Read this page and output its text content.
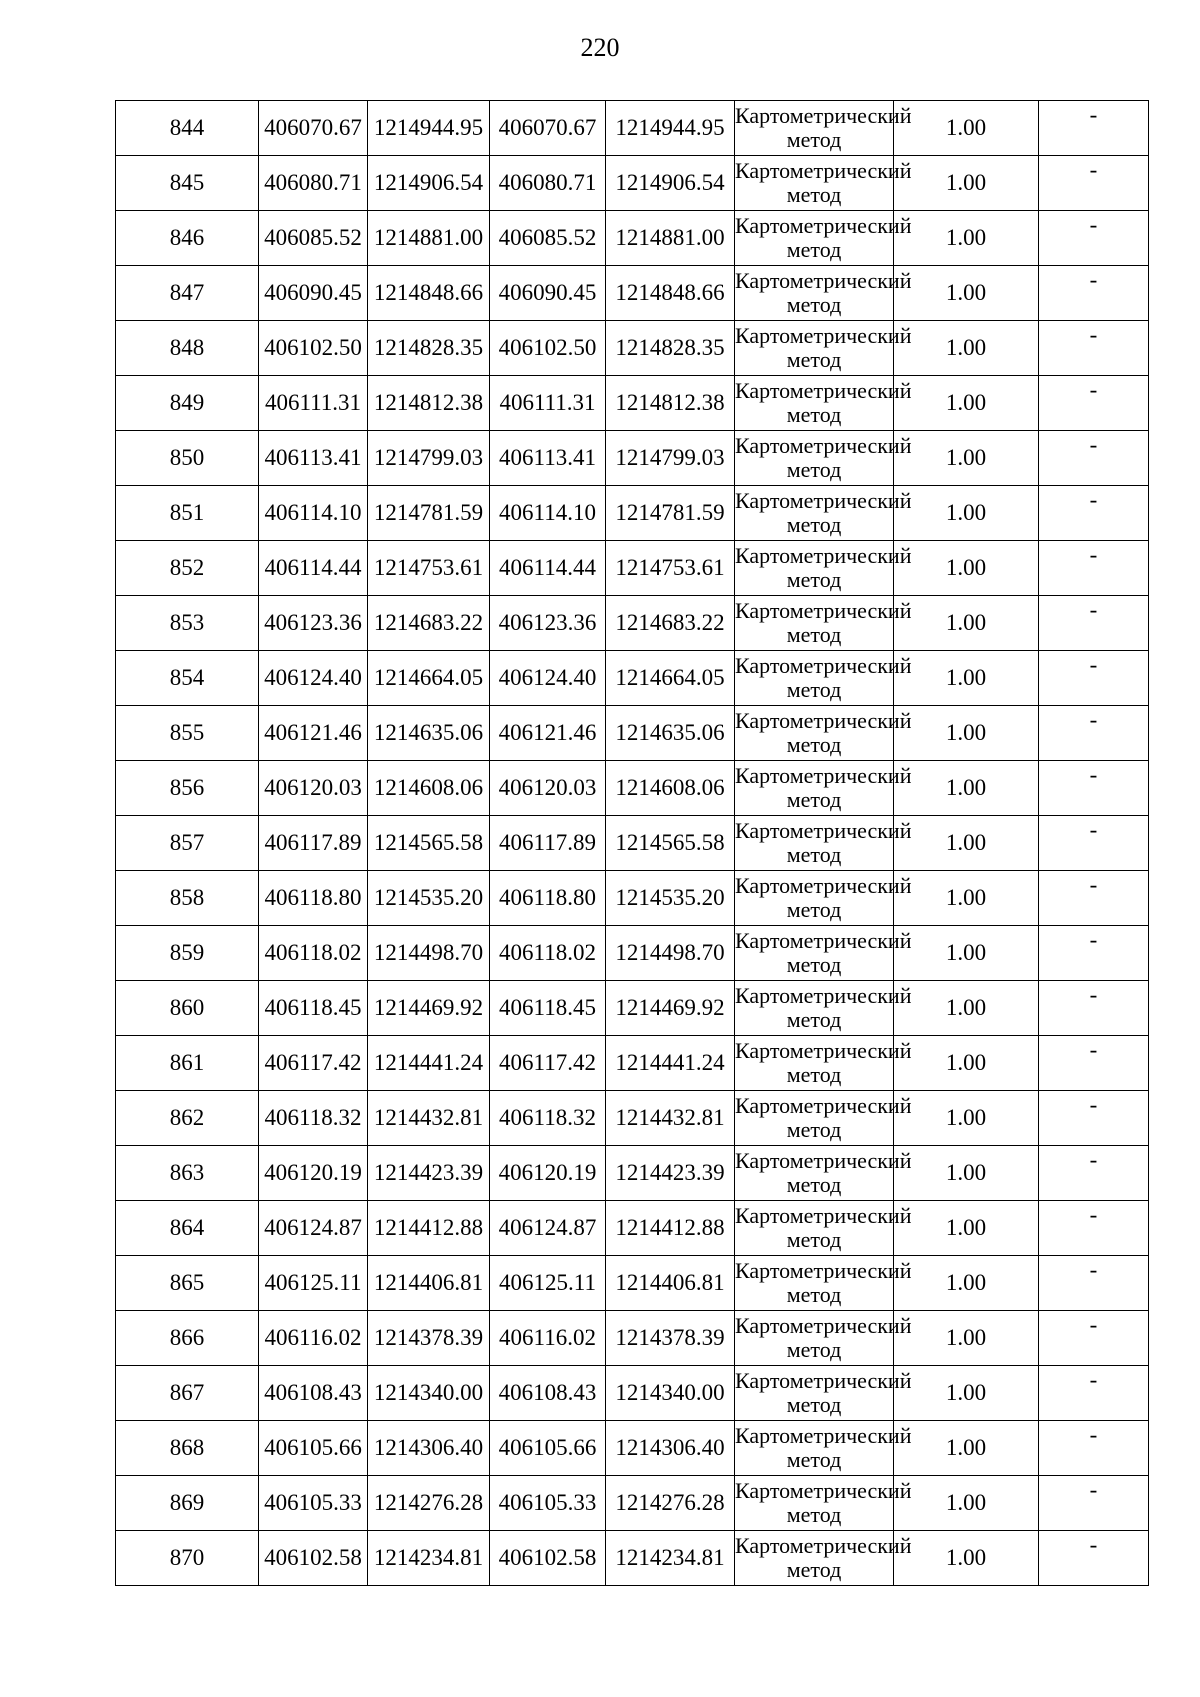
220
844	406070.67	1214944.95	406070.67	1214944.95	Картометрический метод	1.00	-
845	406080.71	1214906.54	406080.71	1214906.54	Картометрический метод	1.00	-
846	406085.52	1214881.00	406085.52	1214881.00	Картометрический метод	1.00	-
847	406090.45	1214848.66	406090.45	1214848.66	Картометрический метод	1.00	-
848	406102.50	1214828.35	406102.50	1214828.35	Картометрический метод	1.00	-
849	406111.31	1214812.38	406111.31	1214812.38	Картометрический метод	1.00	-
850	406113.41	1214799.03	406113.41	1214799.03	Картометрический метод	1.00	-
851	406114.10	1214781.59	406114.10	1214781.59	Картометрический метод	1.00	-
852	406114.44	1214753.61	406114.44	1214753.61	Картометрический метод	1.00	-
853	406123.36	1214683.22	406123.36	1214683.22	Картометрический метод	1.00	-
854	406124.40	1214664.05	406124.40	1214664.05	Картометрический метод	1.00	-
855	406121.46	1214635.06	406121.46	1214635.06	Картометрический метод	1.00	-
856	406120.03	1214608.06	406120.03	1214608.06	Картометрический метод	1.00	-
857	406117.89	1214565.58	406117.89	1214565.58	Картометрический метод	1.00	-
858	406118.80	1214535.20	406118.80	1214535.20	Картометрический метод	1.00	-
859	406118.02	1214498.70	406118.02	1214498.70	Картометрический метод	1.00	-
860	406118.45	1214469.92	406118.45	1214469.92	Картометрический метод	1.00	-
861	406117.42	1214441.24	406117.42	1214441.24	Картометрический метод	1.00	-
862	406118.32	1214432.81	406118.32	1214432.81	Картометрический метод	1.00	-
863	406120.19	1214423.39	406120.19	1214423.39	Картометрический метод	1.00	-
864	406124.87	1214412.88	406124.87	1214412.88	Картометрический метод	1.00	-
865	406125.11	1214406.81	406125.11	1214406.81	Картометрический метод	1.00	-
866	406116.02	1214378.39	406116.02	1214378.39	Картометрический метод	1.00	-
867	406108.43	1214340.00	406108.43	1214340.00	Картометрический метод	1.00	-
868	406105.66	1214306.40	406105.66	1214306.40	Картометрический метод	1.00	-
869	406105.33	1214276.28	406105.33	1214276.28	Картометрический метод	1.00	-
870	406102.58	1214234.81	406102.58	1214234.81	Картометрический метод	1.00	-
